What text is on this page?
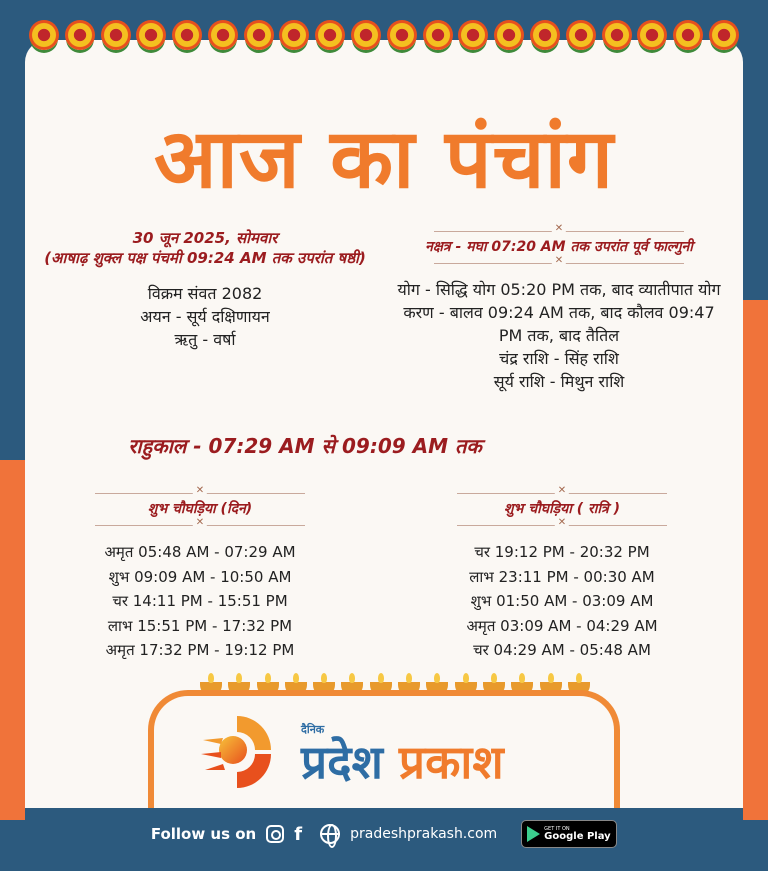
आज का पंचांग
30 जून 2025, सोमवार
(आषाढ़ शुक्ल पक्ष पंचमी 09:24 AM तक उपरांत षष्ठी)
विक्रम संवत 2082
अयन - सूर्य दक्षिणायन
ऋतु - वर्षा
✕
नक्षत्र - मघा 07:20 AM तक उपरांत पूर्व फाल्गुनी
✕
योग - सिद्धि योग 05:20 PM तक, बाद व्यातीपात योग
करण - बालव 09:24 AM तक, बाद कौलव 09:47
PM तक, बाद तैतिल
चंद्र राशि - सिंह राशि
सूर्य राशि - मिथुन राशि
राहुकाल - 07:29 AM से 09:09 AM तक
✕
शुभ चौघड़िया (दिन)
✕
अमृत 05:48 AM - 07:29 AM
शुभ 09:09 AM - 10:50 AM
चर 14:11 PM - 15:51 PM
लाभ 15:51 PM - 17:32 PM
अमृत 17:32 PM - 19:12 PM
✕
शुभ चौघड़िया ( रात्रि )
✕
चर 19:12 PM - 20:32 PM
लाभ 23:11 PM - 00:30 AM
शुभ 01:50 AM - 03:09 AM
अमृत 03:09 AM - 04:29 AM
चर 04:29 AM - 05:48 AM
दैनिक
प्रदेश प्रकाश
Follow us on f	pradeshprakash.com	GET IT ON
Google Play
